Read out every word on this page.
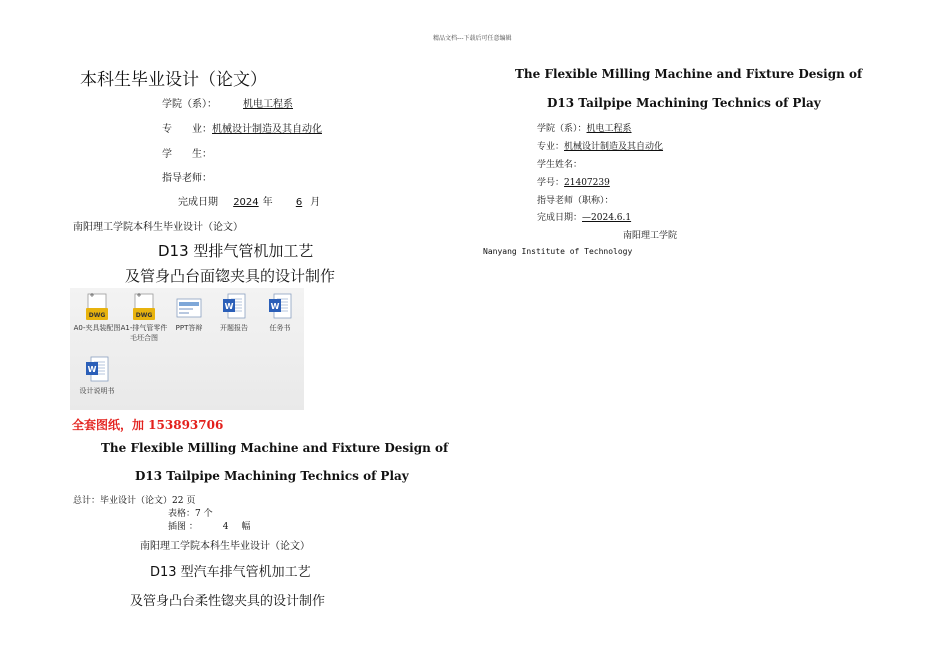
精品文档---下载后可任意编辑
本科生毕业设计（论文）
学院（系）：	机电工程系
专　　业：机械设计制造及其自动化
学　　生：
指导老师：
完成日期 2024 年 6 月
南阳理工学院本科生毕业设计（论文）
D13 型排气管机加工艺
及管身凸台面锪夹具的设计制作
DWG
A0-夹具装配图
DWG
A1-排气管零件毛坯合图
PPT答辩
W
开题报告
W
任务书
W
设计说明书
全套图纸，加 153893706
The Flexible Milling Machine and Fixture Design of
D13 Tailpipe Machining Technics of Play
总计：毕业设计（论文）22 页
表格：7 个
插图 ：	4 幅
南阳理工学院本科生毕业设计（论文）
D13 型汽车排气管机加工艺
及管身凸台柔性锪夹具的设计制作
The Flexible Milling Machine and Fixture Design of
D13 Tailpipe Machining Technics of Play
学院（系）：机电工程系
专业：机械设计制造及其自动化
学生姓名：
学号：21407239
指导老师（职称）：
完成日期：—2024.6.1
南阳理工学院
Nanyang Institute of Technology
